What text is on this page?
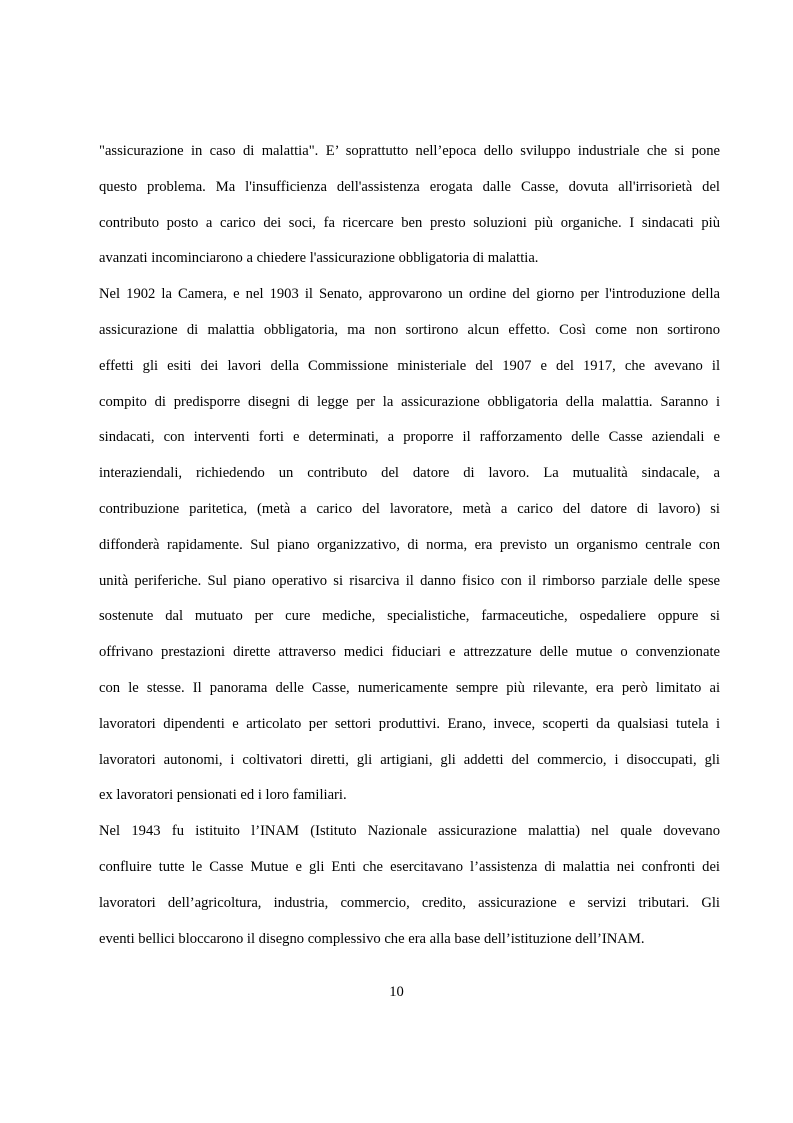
"assicurazione in caso di malattia". E’ soprattutto nell’epoca dello sviluppo industriale che si pone
questo problema. Ma l'insufficienza dell'assistenza erogata dalle Casse, dovuta all'irrisorietà del
contributo posto a carico dei soci, fa ricercare ben presto soluzioni più organiche. I sindacati più
avanzati incominciarono a chiedere l'assicurazione obbligatoria di malattia.
Nel 1902 la Camera, e nel 1903 il Senato, approvarono un ordine del giorno per l'introduzione della
assicurazione di malattia obbligatoria, ma non sortirono alcun effetto. Così come non sortirono
effetti gli esiti dei lavori della Commissione ministeriale del 1907 e del 1917, che avevano il
compito di predisporre disegni di legge per la assicurazione obbligatoria della malattia. Saranno i
sindacati, con interventi forti e determinati, a proporre il rafforzamento delle Casse aziendali e
interaziendali, richiedendo un contributo del datore di lavoro. La mutualità sindacale, a
contribuzione paritetica, (metà a carico del lavoratore, metà a carico del datore di lavoro) si
diffonderà rapidamente. Sul piano organizzativo, di norma, era previsto un organismo centrale con
unità periferiche. Sul piano operativo si risarciva il danno fisico con il rimborso parziale delle spese
sostenute dal mutuato per cure mediche, specialistiche, farmaceutiche, ospedaliere oppure si
offrivano prestazioni dirette attraverso medici fiduciari e attrezzature delle mutue o convenzionate
con le stesse. Il panorama delle Casse, numericamente sempre più rilevante, era però limitato ai
lavoratori dipendenti e articolato per settori produttivi. Erano, invece, scoperti da qualsiasi tutela i
lavoratori autonomi, i coltivatori diretti, gli artigiani, gli addetti del commercio, i disoccupati, gli
ex lavoratori pensionati ed i loro familiari.
Nel 1943 fu istituito l’INAM (Istituto Nazionale assicurazione malattia) nel quale dovevano
confluire tutte le Casse Mutue e gli Enti che esercitavano l’assistenza di malattia nei confronti dei
lavoratori dell’agricoltura, industria, commercio, credito, assicurazione e servizi tributari. Gli
eventi bellici bloccarono il disegno complessivo che era alla base dell’istituzione dell’INAM.
10
